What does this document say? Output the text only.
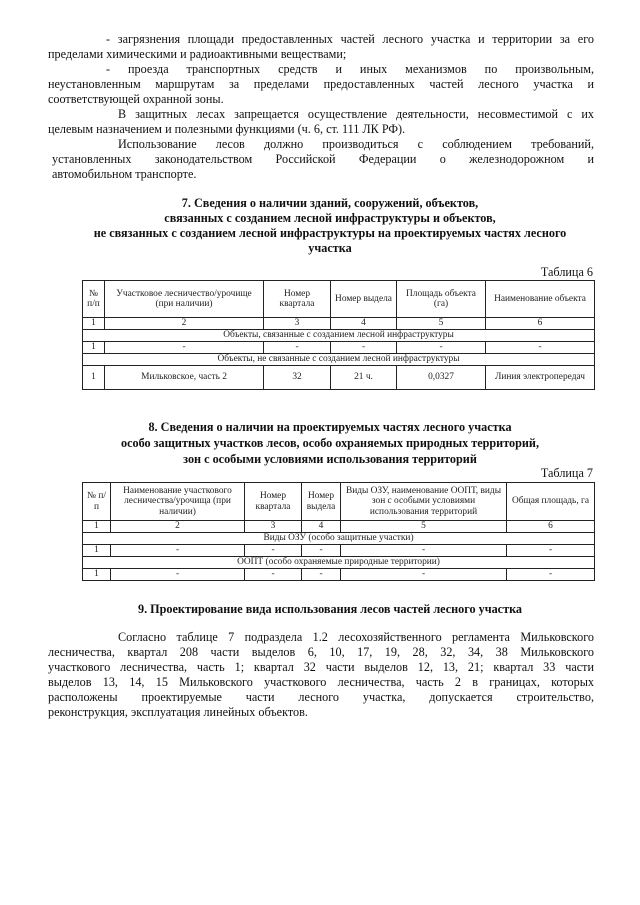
- загрязнения площади предоставленных частей лесного участка и территории за его

пределами химическими и радиоактивными веществами;

- проезда транспортных средств и иных механизмов по произвольным,

неустановленным маршрутам за пределами предоставленных частей лесного участка и

соответствующей охранной зоны.

В защитных лесах запрещается осуществление деятельности, несовместимой с их

целевым назначением и полезными функциями (ч. 6, ст. 111 ЛК РФ).

Использование лесов должно производиться с соблюдением требований,

установленных законодательством Российской Федерации о железнодорожном и

автомобильном транспорте.

7. Сведения о наличии зданий, сооружений, объектов,

связанных с созданием лесной инфраструктуры и объектов,

не связанных с созданием лесной инфраструктуры на проектируемых частях лесного

участка

Таблица 6

№ п/п	Участковое лесничество/урочище (при наличии)	Номер квартала	Номер выдела	Площадь объекта (га)	Наименование объекта
1	2	3	4	5	6
Объекты, связанные с созданием лесной инфраструктуры					
1	-	-	-	-	-
Объекты, не связанные с созданием лесной инфраструктуры					
1	Мильковское, часть 2	32	21 ч.	0,0327	Линия электропередач

8. Сведения о наличии на проектируемых частях лесного участка

особо защитных участков лесов, особо охраняемых природных территорий,

зон с особыми условиями использования территорий

Таблица 7

№ п/п	Наименование участкового лесничества/урочища (при наличии)	Номер квартала	Номер выдела	Виды ОЗУ, наименование ООПТ, виды зон с особыми условиями использования территорий	Общая площадь, га
1	2	3	4	5	6
Виды ОЗУ (особо защитные участки)					
1	-	-	-	-	-
ООПТ (особо охраняемые природные территории)					
1	-	-	-	-	-

9. Проектирование вида использования лесов частей лесного участка

Согласно таблице 7 подраздела 1.2 лесохозяйственного регламента Мильковского

лесничества, квартал 208 части выделов 6, 10, 17, 19, 28, 32, 34, 38 Мильковского

участкового лесничества, часть 1; квартал 32 части выделов 12, 13, 21; квартал 33 части

выделов 13, 14, 15 Мильковского участкового лесничества, часть 2 в границах, которых

расположены проектируемые части лесного участка, допускается строительство,

реконструкция, эксплуатация линейных объектов.
